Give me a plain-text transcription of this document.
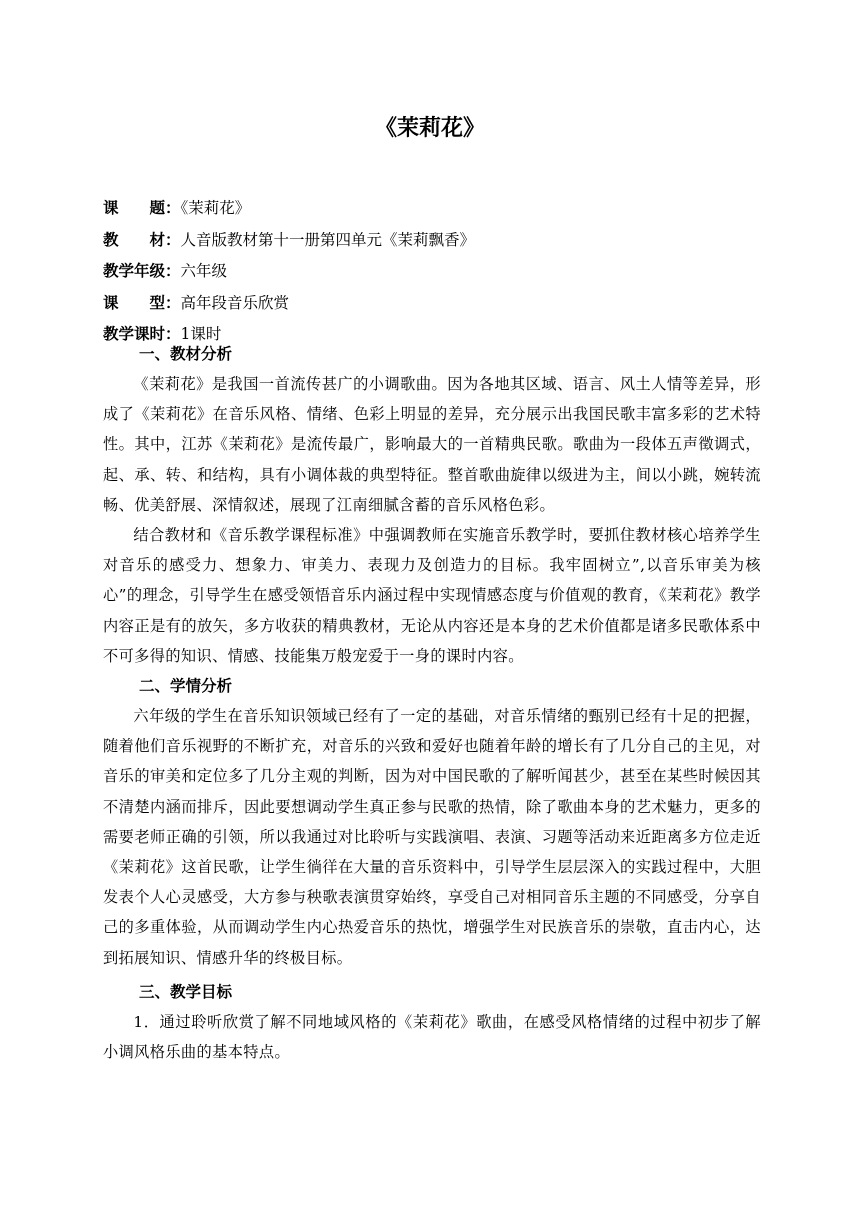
《茉莉花》
课　　题：《茉莉花》
教　　材：人音版教材第十一册第四单元《茉莉飘香》
教学年级：六年级
课　　型：高年段音乐欣赏
教学课时：1课时
一、教材分析

《茉莉花》是我国一首流传甚广的小调歌曲。因为各地其区域、语言、风土人情等差异，形成了《茉莉花》在音乐风格、情绪、色彩上明显的差异，充分展示出我国民歌丰富多彩的艺术特性。其中，江苏《茉莉花》是流传最广，影响最大的一首精典民歌。歌曲为一段体五声徵调式，起、承、转、和结构，具有小调体裁的典型特征。整首歌曲旋律以级进为主，间以小跳，婉转流畅、优美舒展、深情叙述，展现了江南细腻含蓄的音乐风格色彩。

结合教材和《音乐教学课程标准》中强调教师在实施音乐教学时，要抓住教材核心培养学生对音乐的感受力、想象力、审美力、表现力及创造力的目标。我牢固树立”,以音乐审美为核心”的理念，引导学生在感受领悟音乐内涵过程中实现情感态度与价值观的教育，《茉莉花》教学内容正是有的放矢，多方收获的精典教材，无论从内容还是本身的艺术价值都是诸多民歌体系中不可多得的知识、情感、技能集万般宠爱于一身的课时内容。

二、学情分析

六年级的学生在音乐知识领域已经有了一定的基础，对音乐情绪的甄别已经有十足的把握，随着他们音乐视野的不断扩充，对音乐的兴致和爱好也随着年龄的增长有了几分自己的主见，对音乐的审美和定位多了几分主观的判断，因为对中国民歌的了解听闻甚少，甚至在某些时候因其不清楚内涵而排斥，因此要想调动学生真正参与民歌的热情，除了歌曲本身的艺术魅力，更多的需要老师正确的引领，所以我通过对比聆听与实践演唱、表演、习题等活动来近距离多方位走近《茉莉花》这首民歌，让学生徜徉在大量的音乐资料中，引导学生层层深入的实践过程中，大胆发表个人心灵感受，大方参与秧歌表演贯穿始终，享受自己对相同音乐主题的不同感受，分享自己的多重体验，从而调动学生内心热爱音乐的热忱，增强学生对民族音乐的崇敬，直击内心，达到拓展知识、情感升华的终极目标。

三、教学目标

1．通过聆听欣赏了解不同地域风格的《茉莉花》歌曲，在感受风格情绪的过程中初步了解小调风格乐曲的基本特点。
